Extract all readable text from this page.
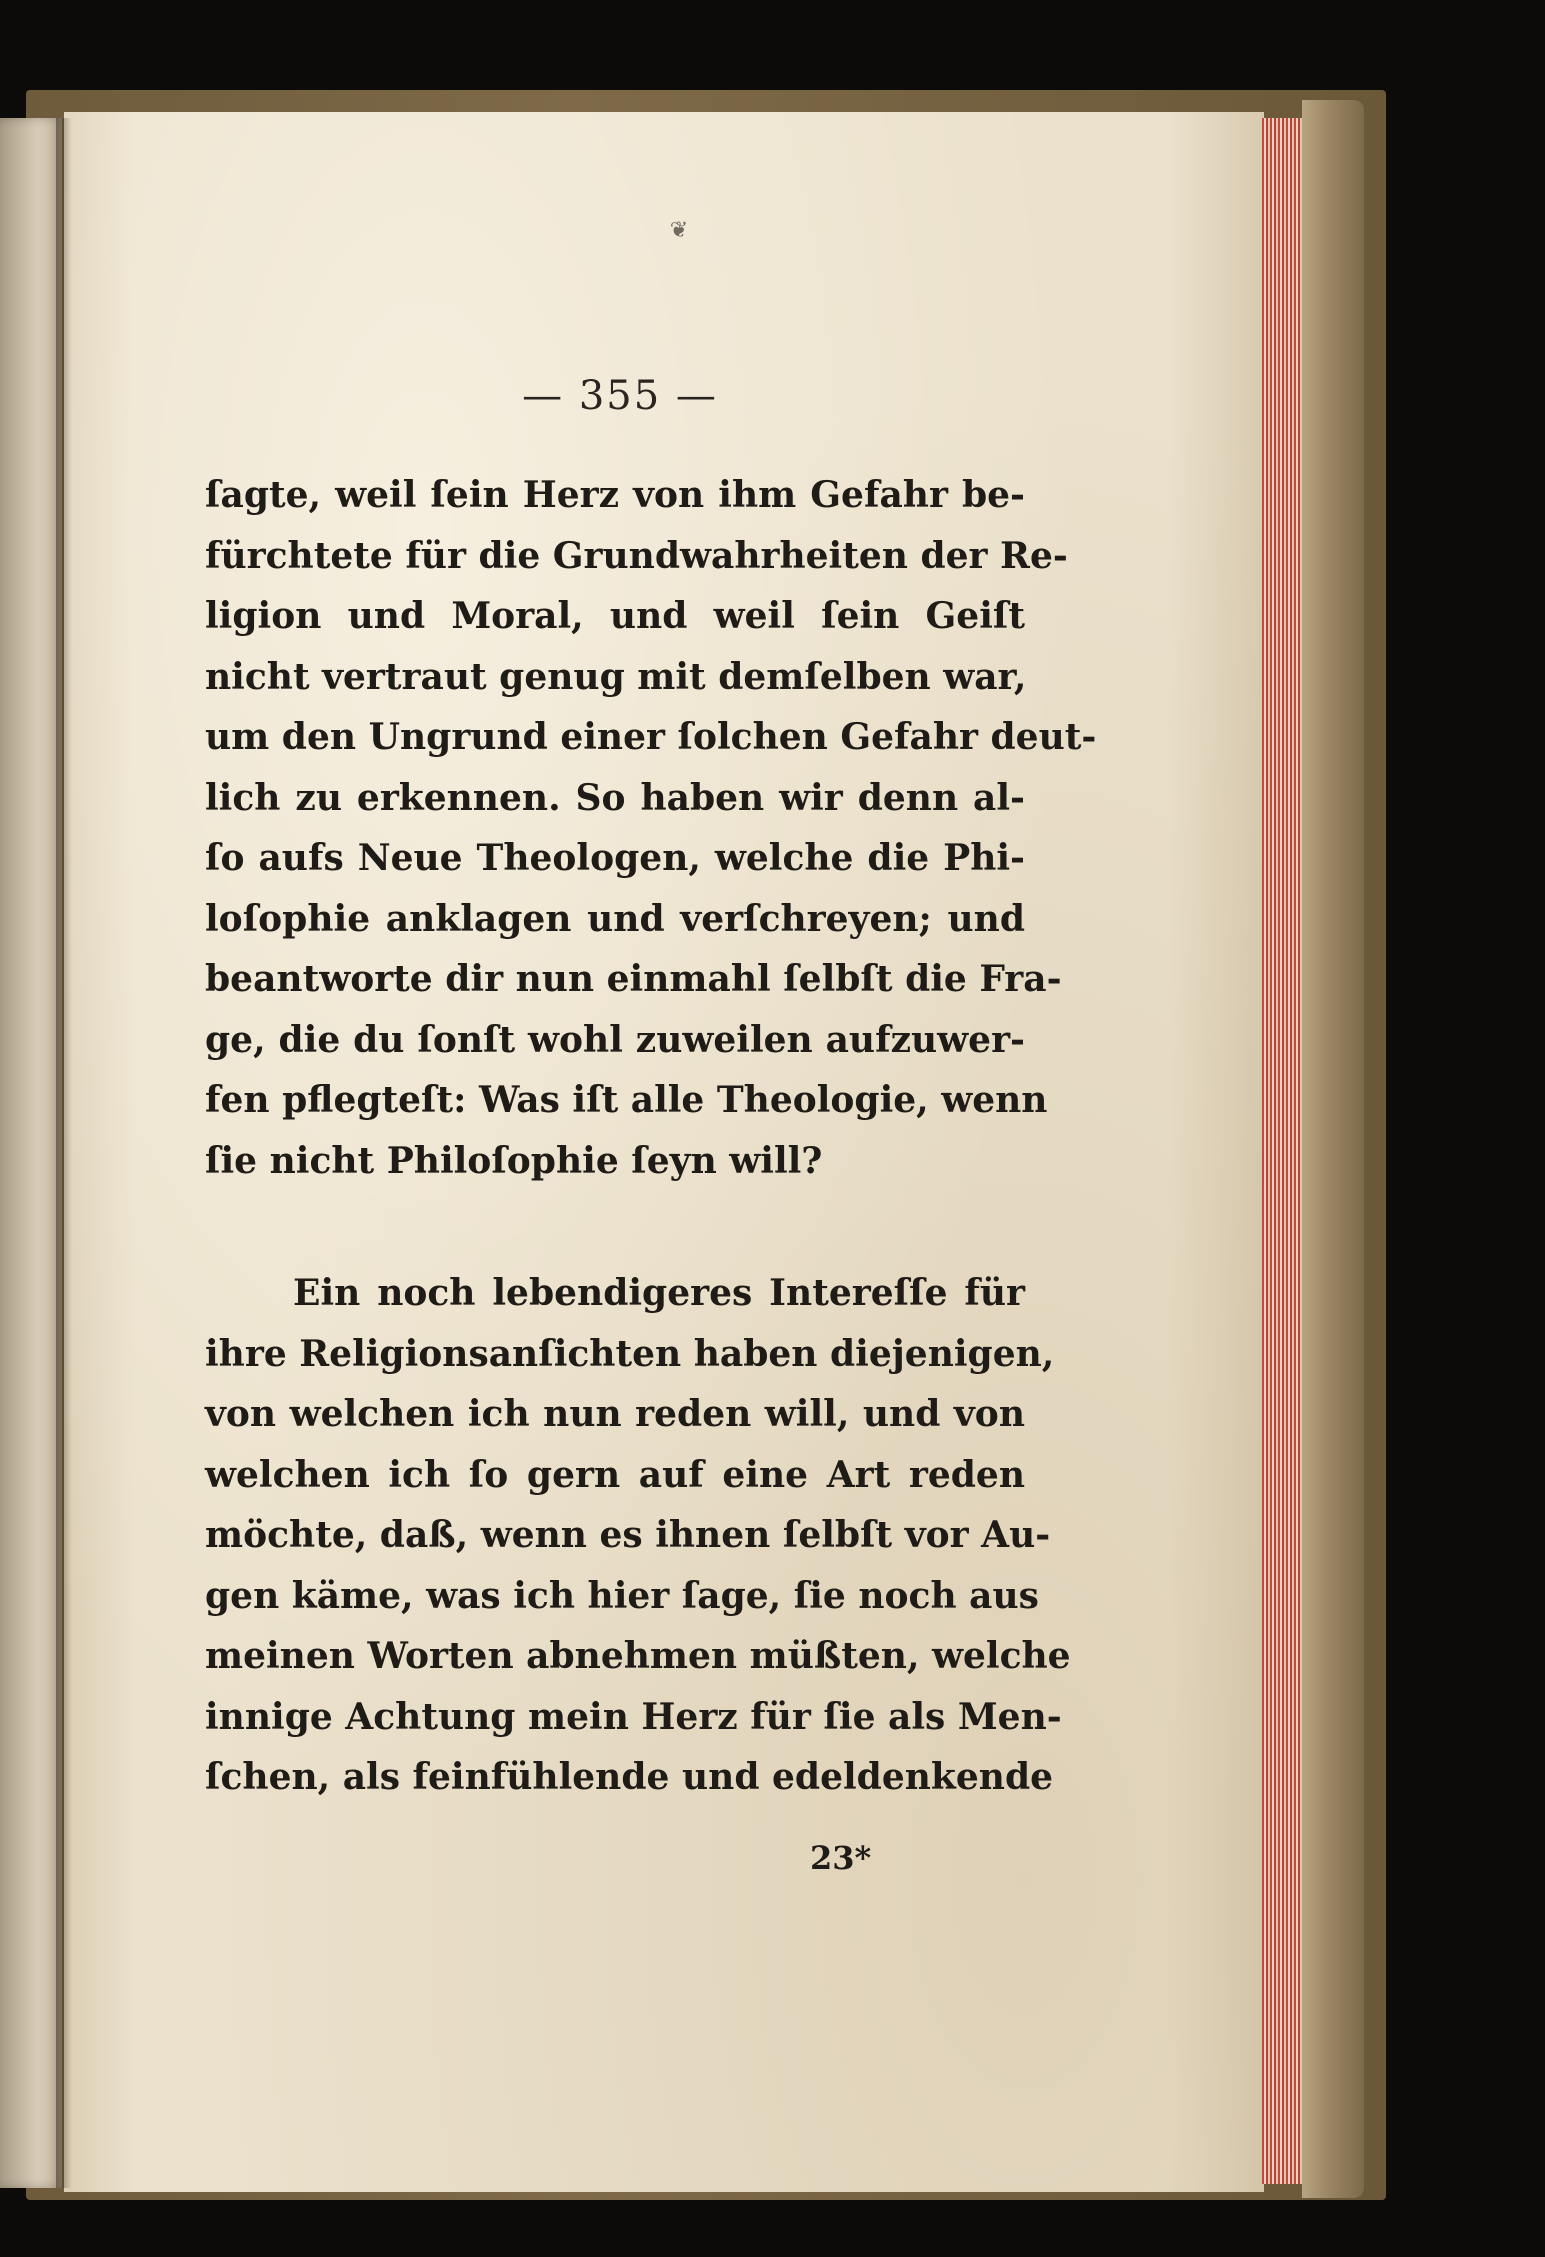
❦
— 355 —
ſagte, weil ſein Herz von ihm Gefahr be-
fürchtete für die Grundwahrheiten der Re-
ligion und Moral, und weil ſein Geiſt
nicht vertraut genug mit demſelben war,
um den Ungrund einer ſolchen Gefahr deut-
lich zu erkennen. So haben wir denn al-
ſo aufs Neue Theologen, welche die Phi-
loſophie anklagen und verſchreyen; und
beantworte dir nun einmahl ſelbſt die Fra-
ge, die du ſonſt wohl zuweilen aufzuwer-
fen pflegteſt: Was iſt alle Theologie, wenn
ſie nicht Philoſophie ſeyn will?
Ein noch lebendigeres Intereſſe für
ihre Religionsanſichten haben diejenigen,
von welchen ich nun reden will, und von
welchen ich ſo gern auf eine Art reden
möchte, daß, wenn es ihnen ſelbſt vor Au-
gen käme, was ich hier ſage, ſie noch aus
meinen Worten abnehmen müßten, welche
innige Achtung mein Herz für ſie als Men-
ſchen, als feinfühlende und edeldenkende
23*
